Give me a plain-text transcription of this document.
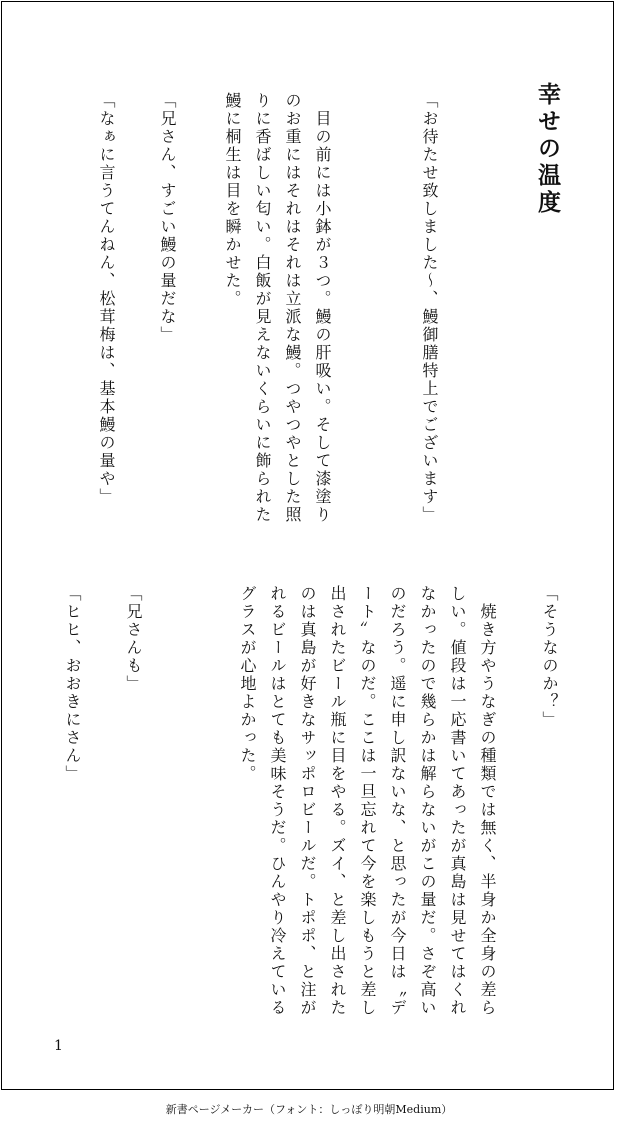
幸せの温度
「お待たせ致しました〜、鰻御膳特上でございます」
　目の前には小鉢が３つ。鰻の肝吸い。そして漆塗りのお重にはそれはそれは立派な鰻。つやつやとした照りに香ばしい匂い。白飯が見えないくらいに飾られた鰻に桐生は目を瞬かせた。
「兄さん、すごい鰻の量だな」
「なぁに言うてんねん、松茸梅は、基本鰻の量や」
「そうなのか？」
　焼き方やうなぎの種類では無く、半身か全身の差らしい。値段は一応書いてあったが真島は見せてはくれなかったので幾らかは解らないがこの量だ。さぞ高いのだろう。遥に申し訳ないな、と思ったが今日は〝デート〟なのだ。ここは一旦忘れて今を楽しもうと差し出されたビール瓶に目をやる。ズイ、と差し出されたのは真島が好きなサッポロビールだ。トポポ、と注がれるビールはとても美味そうだ。ひんやり冷えているグラスが心地よかった。
「兄さんも」
「ヒヒ、おおきにさん」
1
新書ページメーカー（フォント：しっぽり明朝Medium）
